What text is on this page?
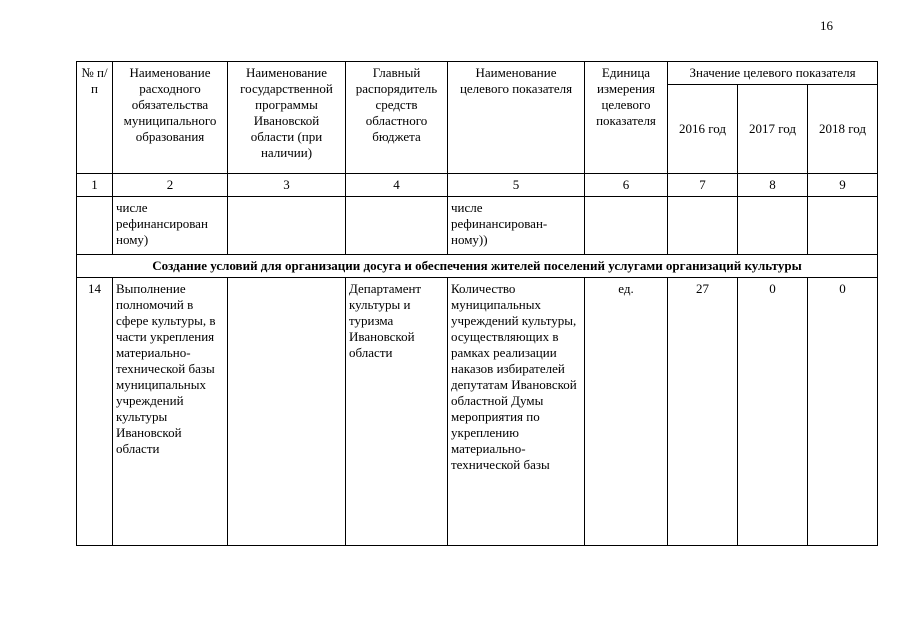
16
№ п/п	Наименование расходного обязательства муниципального образования	Наименование государственной программы Ивановской области (при наличии)	Главный распорядитель средств областного бюджета	Наименование целевого показателя	Единица измерения целевого показателя	Значение целевого показателя		
						2016 год	2017 год	2018 год
1	2	3	4	5	6	7	8	9
	числе рефинансирован ному)			числе рефинансирован-ному))				
Создание условий для организации досуга и обеспечения жителей поселений услугами организаций культуры								
14	Выполнение полномочий в сфере культуры, в части укрепления материально-технической базы муниципальных учреждений культуры Ивановской области		Департамент культуры и туризма Ивановской области	Количество муниципальных учреждений культуры, осуществляющих в рамках реализации наказов избирателей депутатам Ивановской областной Думы мероприятия по укреплению материально-технической базы	ед.	27	0	0
